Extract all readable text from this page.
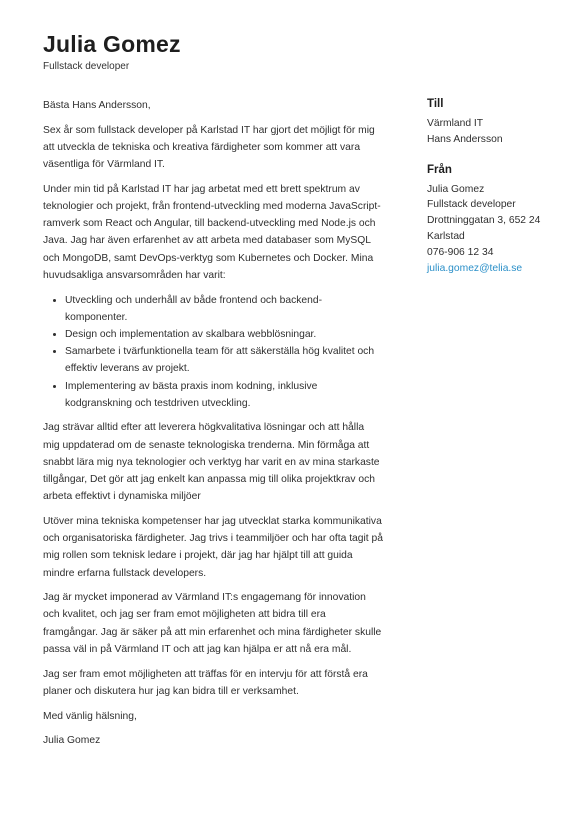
Julia Gomez
Fullstack developer

Bästa Hans Andersson,

Sex år som fullstack developer på Karlstad IT har gjort det möjligt för mig att utveckla de tekniska och kreativa färdigheter som kommer att vara väsentliga för Värmland IT.

Under min tid på Karlstad IT har jag arbetat med ett brett spektrum av teknologier och projekt, från frontend-utveckling med moderna JavaScript-ramverk som React och Angular, till backend-utveckling med Node.js och Java. Jag har även erfarenhet av att arbeta med databaser som MySQL och MongoDB, samt DevOps-verktyg som Kubernetes och Docker. Mina huvudsakliga ansvarsområden har varit:

• Utveckling och underhåll av både frontend och backend-komponenter.
• Design och implementation av skalbara webblösningar.
• Samarbete i tvärfunktionella team för att säkerställa hög kvalitet och effektiv leverans av projekt.
• Implementering av bästa praxis inom kodning, inklusive kodgranskning och testdriven utveckling.

Jag strävar alltid efter att leverera högkvalitativa lösningar och att hålla mig uppdaterad om de senaste teknologiska trenderna. Min förmåga att snabbt lära mig nya teknologier och verktyg har varit en av mina starkaste tillgångar, Det gör att jag enkelt kan anpassa mig till olika projektkrav och arbeta effektivt i dynamiska miljöer

Utöver mina tekniska kompetenser har jag utvecklat starka kommunikativa och organisatoriska färdigheter. Jag trivs i teammiljöer och har ofta tagit på mig rollen som teknisk ledare i projekt, där jag har hjälpt till att guida mindre erfarna fullstack developers.

Jag är mycket imponerad av Värmland IT:s engagemang för innovation och kvalitet, och jag ser fram emot möjligheten att bidra till era framgångar. Jag är säker på att min erfarenhet och mina färdigheter skulle passa väl in på Värmland IT och att jag kan hjälpa er att nå era mål.

Jag ser fram emot möjligheten att träffas för en intervju för att förstå era planer och diskutera hur jag kan bidra till er verksamhet.

Med vänlig hälsning,

Julia Gomez

Till
Värmland IT
Hans Andersson
Från
Julia Gomez
Fullstack developer
Drottninggatan 3, 652 24
Karlstad
076-906 12 34
julia.gomez@telia.se
